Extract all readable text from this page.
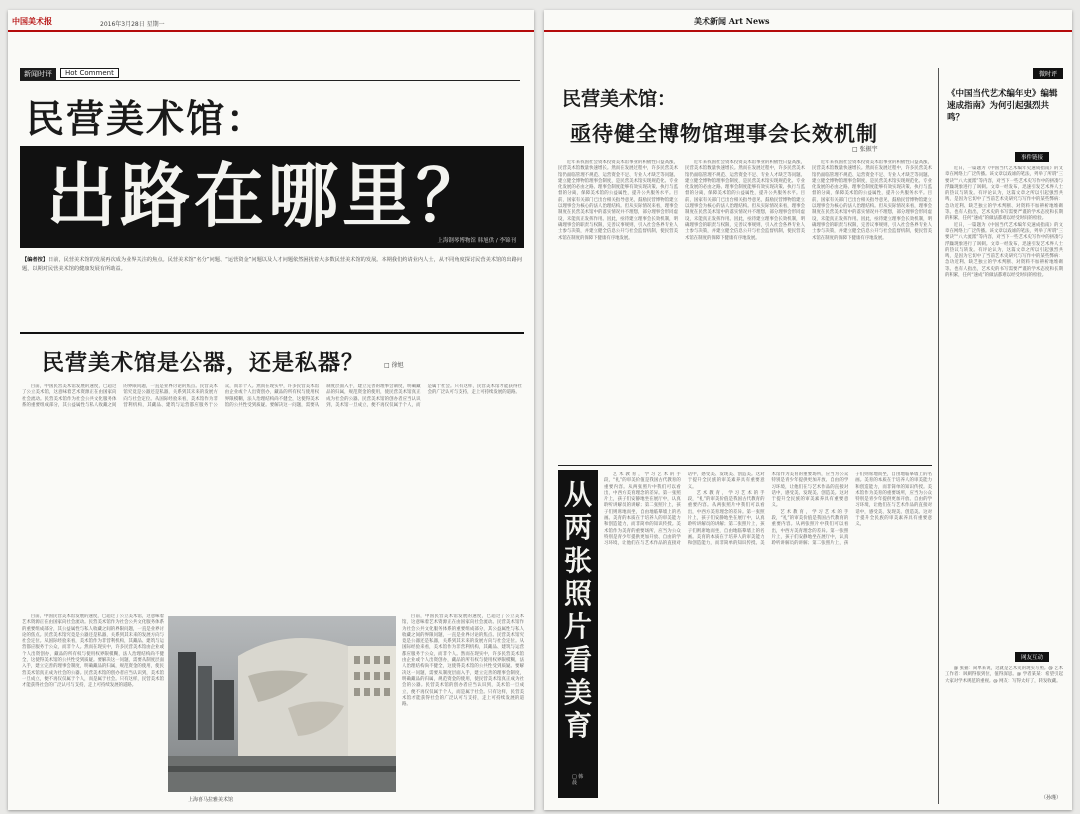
中国美术报	2016年3月28日 星期一
新闻时评	Hot Comment
民营美术馆：
出路在哪里？
上海钢琴博物馆 韩旭供 / 李锦刊
【编者按】日前，民营美术馆的发展再次成为业界关注的焦点。民营美术馆“名分”问题、“运营资金”问题以及人才问题依然困扰着大多数民营美术馆的发展。本期我们约请业内人士，从不同角度探讨民营美术馆的出路问题，以期对民营美术馆的健康发展有所助益。
民营美术馆是公器，还是私器？	□ 徐旭

目前，中国民营美术馆发展的速度，已超过了公立美术馆，这意味着艺术资源正在由国家向社会流动。民营美术馆作为社会公共文化服务体系的重要组成部分，其公益属性与私人收藏之间的界限问题，一直是业界讨论的焦点。民营美术馆究竟是公器还是私器，关系到其未来的发展方向与社会定位。从国际经验来看，美术馆作为非营利机构，其藏品、建筑与运营都应服务于公众，而非个人。然而在现实中，许多民营美术馆由企业或个人出资创办，藏品的所有权与使用权界限模糊，法人治理结构尚不健全，这使得美术馆的公共性受到质疑。要解决这一问题，需要从制度层面入手，建立完善的理事会制度，明确藏品的归属，规范资金的使用，使民营美术馆真正成为社会的公器。民营美术馆的创办者应当认识到，美术馆一旦成立，便不再仅仅属于个人，而是属于社会。只有这样，民营美术馆才能获得社会的广泛认可与支持，走上可持续发展的道路。

目前，中国民营美术馆发展的速度，已超过了公立美术馆，这意味着艺术资源正在由国家向社会流动。民营美术馆作为社会公共文化服务体系的重要组成部分，其公益属性与私人收藏之间的界限问题，一直是业界讨论的焦点。民营美术馆究竟是公器还是私器，关系到其未来的发展方向与社会定位。从国际经验来看，美术馆作为非营利机构，其藏品、建筑与运营都应服务于公众，而非个人。然而在现实中，许多民营美术馆由企业或个人出资创办，藏品的所有权与使用权界限模糊，法人治理结构尚不健全，这使得美术馆的公共性受到质疑。要解决这一问题，需要从制度层面入手，建立完善的理事会制度，明确藏品的归属，规范资金的使用，使民营美术馆真正成为社会的公器。民营美术馆的创办者应当认识到，美术馆一旦成立，便不再仅仅属于个人，而是属于社会。只有这样，民营美术馆才能获得社会的广泛认可与支持，走上可持续发展的道路。

上海喜马拉雅美术馆

目前，中国民营美术馆发展的速度，已超过了公立美术馆，这意味着艺术资源正在由国家向社会流动。民营美术馆作为社会公共文化服务体系的重要组成部分，其公益属性与私人收藏之间的界限问题，一直是业界讨论的焦点。民营美术馆究竟是公器还是私器，关系到其未来的发展方向与社会定位。从国际经验来看，美术馆作为非营利机构，其藏品、建筑与运营都应服务于公众，而非个人。然而在现实中，许多民营美术馆由企业或个人出资创办，藏品的所有权与使用权界限模糊，法人治理结构尚不健全，这使得美术馆的公共性受到质疑。要解决这一问题，需要从制度层面入手，建立完善的理事会制度，明确藏品的归属，规范资金的使用，使民营美术馆真正成为社会的公器。民营美术馆的创办者应当认识到，美术馆一旦成立，便不再仅仅属于个人，而是属于社会。只有这样，民营美术馆才能获得社会的广泛认可与支持，走上可持续发展的道路。

美术新闻 Art News
民营美术馆：
亟待健全博物馆理事会长效机制
□ 张振宇

近年来我国社会资本投资美术馆事业的积极性日益高涨，民营美术馆数量快速增长。然而在发展过程中，许多民营美术馆仍面临管理不规范、运营资金不足、专业人才缺乏等问题。建立健全博物馆理事会制度，是民营美术馆实现规范化、专业化发展的必由之路。理事会制度能够有效实现决策、执行与监督的分离，保障美术馆的公益属性，提升公共服务水平。目前，国家有关部门已出台相关指导意见，鼓励民营博物馆建立以理事会为核心的法人治理结构。但从实际情况来看，理事会制度在民营美术馆中的落实情况并不理想，部分理事会形同虚设，未能真正发挥作用。因此，亟待建立理事会长效机制，明确理事会的职责与权限，完善议事规则，引入社会各界专业人士参与决策，并建立健全信息公开与社会监督机制，使民营美术馆在制度的保障下健康有序地发展。

近年来我国社会资本投资美术馆事业的积极性日益高涨，民营美术馆数量快速增长。然而在发展过程中，许多民营美术馆仍面临管理不规范、运营资金不足、专业人才缺乏等问题。建立健全博物馆理事会制度，是民营美术馆实现规范化、专业化发展的必由之路。理事会制度能够有效实现决策、执行与监督的分离，保障美术馆的公益属性，提升公共服务水平。目前，国家有关部门已出台相关指导意见，鼓励民营博物馆建立以理事会为核心的法人治理结构。但从实际情况来看，理事会制度在民营美术馆中的落实情况并不理想，部分理事会形同虚设，未能真正发挥作用。因此，亟待建立理事会长效机制，明确理事会的职责与权限，完善议事规则，引入社会各界专业人士参与决策，并建立健全信息公开与社会监督机制，使民营美术馆在制度的保障下健康有序地发展。

近年来我国社会资本投资美术馆事业的积极性日益高涨，民营美术馆数量快速增长。然而在发展过程中，许多民营美术馆仍面临管理不规范、运营资金不足、专业人才缺乏等问题。建立健全博物馆理事会制度，是民营美术馆实现规范化、专业化发展的必由之路。理事会制度能够有效实现决策、执行与监督的分离，保障美术馆的公益属性，提升公共服务水平。目前，国家有关部门已出台相关指导意见，鼓励民营博物馆建立以理事会为核心的法人治理结构。但从实际情况来看，理事会制度在民营美术馆中的落实情况并不理想，部分理事会形同虚设，未能真正发挥作用。因此，亟待建立理事会长效机制，明确理事会的职责与权限，完善议事规则，引入社会各界专业人士参与决策，并建立健全信息公开与社会监督机制，使民营美术馆在制度的保障下健康有序地发展。

从两张照片看美育
□ 韩晨

艺术教育，学习艺术的手段，“礼”的审美价值是我国古代教育的重要内容。从两张照片中我们可以看出，中西方美育理念的差异。第一张照片上，孩子们安静地坐在展厅中，认真聆听讲解员的讲解；第二张照片上，孩子们则席地而坐，自由地临摹墙上的名画。美育的本质在于培养人的审美能力和创造能力，而非简单的知识传授。美术馆作为美育的重要场所，应当为公众特别是青少年提供更加开放、自由的学习环境，让他们在与艺术作品的直接对话中，感受美、发现美、创造美。这对于提升全民族的审美素养具有重要意义。

艺术教育，学习艺术的手段，“礼”的审美价值是我国古代教育的重要内容。从两张照片中我们可以看出，中西方美育理念的差异。第一张照片上，孩子们安静地坐在展厅中，认真聆听讲解员的讲解；第二张照片上，孩子们则席地而坐，自由地临摹墙上的名画。美育的本质在于培养人的审美能力和创造能力，而非简单的知识传授。美术馆作为美育的重要场所，应当为公众特别是青少年提供更加开放、自由的学习环境，让他们在与艺术作品的直接对话中，感受美、发现美、创造美。这对于提升全民族的审美素养具有重要意义。

艺术教育，学习艺术的手段，“礼”的审美价值是我国古代教育的重要内容。从两张照片中我们可以看出，中西方美育理念的差异。第一张照片上，孩子们安静地坐在展厅中，认真聆听讲解员的讲解；第二张照片上，孩子们则席地而坐，自由地临摹墙上的名画。美育的本质在于培养人的审美能力和创造能力，而非简单的知识传授。美术馆作为美育的重要场所，应当为公众特别是青少年提供更加开放、自由的学习环境，让他们在与艺术作品的直接对话中，感受美、发现美、创造美。这对于提升全民族的审美素养具有重要意义。

微时评
《中国当代艺术编年史》编辑速成指南》为何引起强烈共鸣？
事件链接

近日，一篇题为《中国当代艺术编年史速成指南》的文章在网络上广泛传播。该文章以戏谑的笔法，列举了所谓“三要诀”“八大流派”等内容，对当下一些艺术史写作中的拼凑与浮躁现象进行了讽刺。文章一经发布，迅速引发艺术界人士的热议与转发。有评论认为，这篇文章之所以引起强烈共鸣，是因为它切中了当前艺术史研究与写作中的某些弊病：急功近利、缺乏独立的学术判断、对资料不加辨析地堆砌等。也有人指出，艺术史的书写需要严谨的学术态度和长期的积累，任何“速成”的做法都难以经受时间的检验。

近日，一篇题为《中国当代艺术编年史速成指南》的文章在网络上广泛传播。该文章以戏谑的笔法，列举了所谓“三要诀”“八大流派”等内容，对当下一些艺术史写作中的拼凑与浮躁现象进行了讽刺。文章一经发布，迅速引发艺术界人士的热议与转发。有评论认为，这篇文章之所以引起强烈共鸣，是因为它切中了当前艺术史研究与写作中的某些弊病：急功近利、缺乏独立的学术判断、对资料不加辨析地堆砌等。也有人指出，艺术史的书写需要严谨的学术态度和长期的积累，任何“速成”的做法都难以经受时间的检验。

网友互动

@ 张猫：简单来说，这就是艺术史的现实写照。@ 艺术工作者：讽刺得很到位，值得深思。@ 学者某某：希望引起大家对学术规范的重视。@ 网友：写得太好了，转发收藏。

（孙瑾）
